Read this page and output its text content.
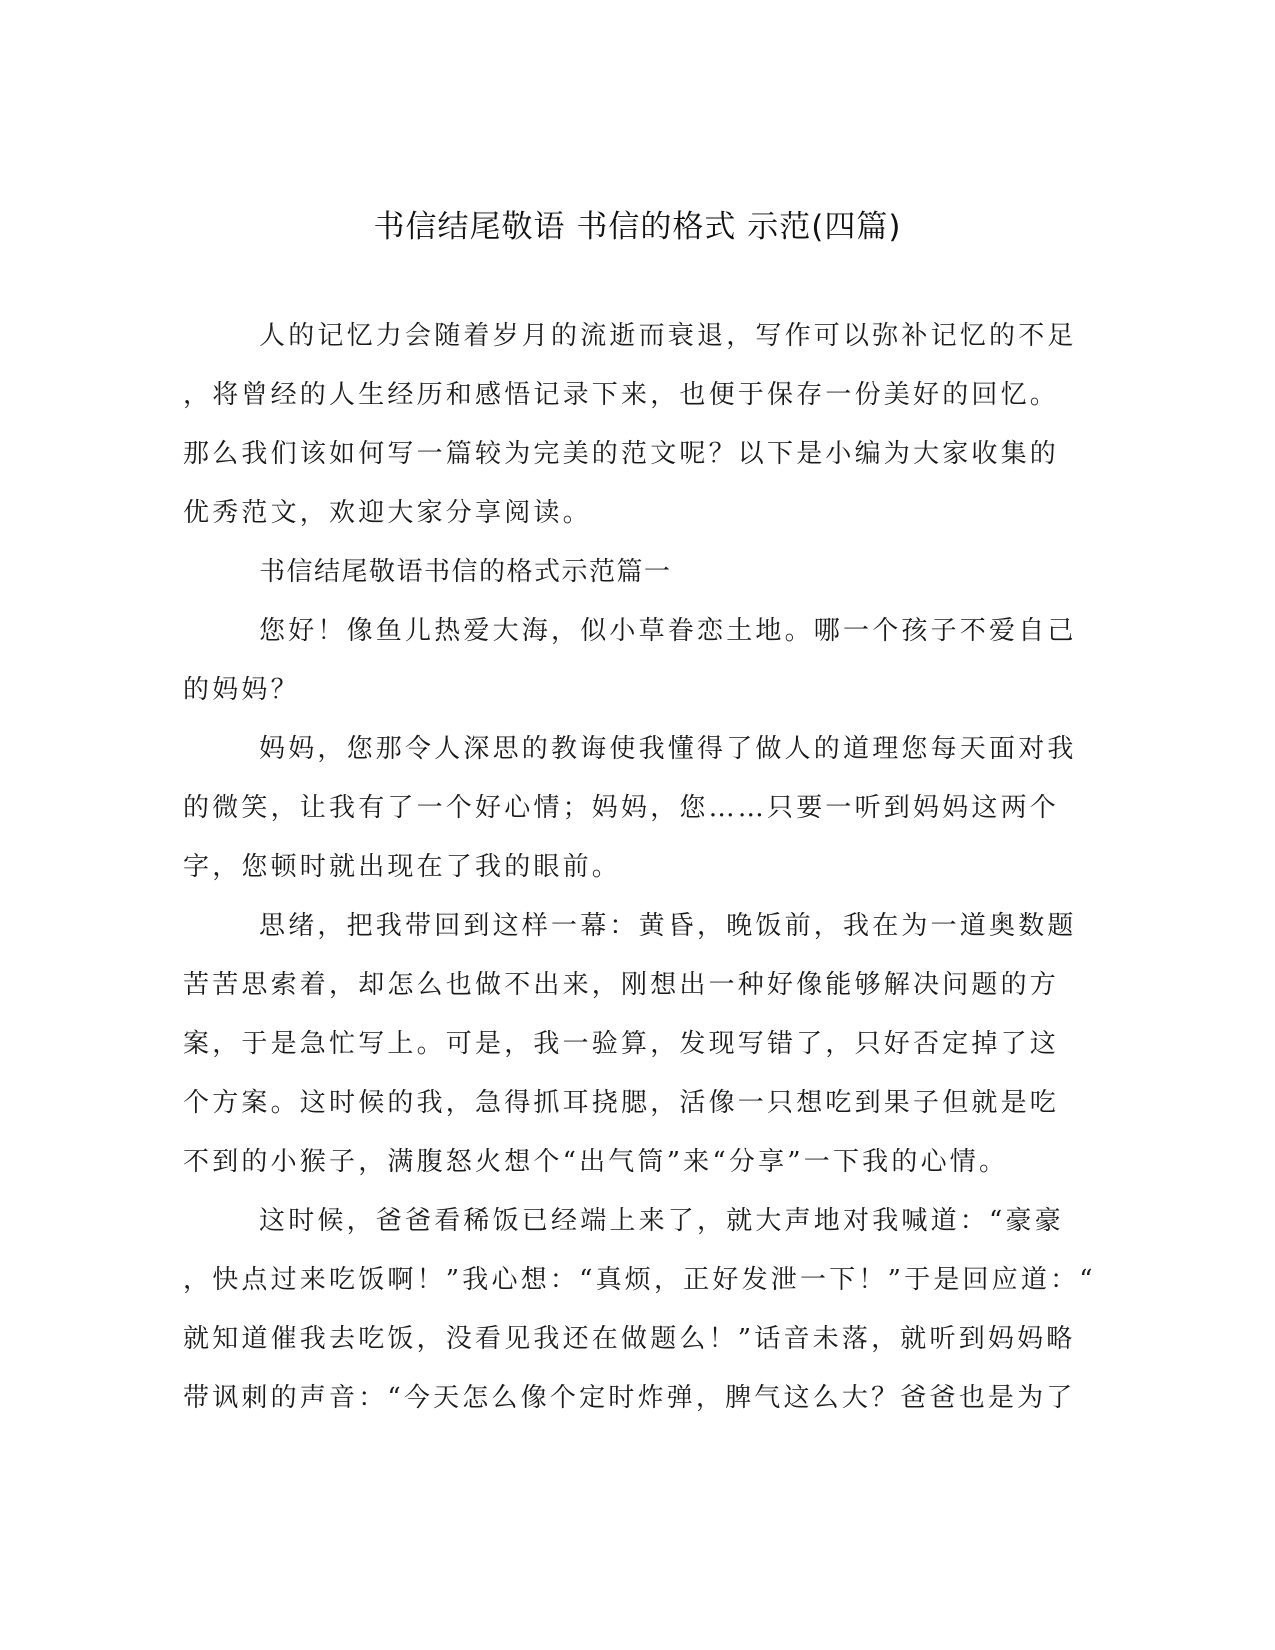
书信结尾敬语 书信的格式 示范(四篇)
人的记忆力会随着岁月的流逝而衰退，写作可以弥补记忆的不足
，将曾经的人生经历和感悟记录下来，也便于保存一份美好的回忆。
那么我们该如何写一篇较为完美的范文呢？以下是小编为大家收集的
优秀范文，欢迎大家分享阅读。
书信结尾敬语书信的格式示范篇一
您好！像鱼儿热爱大海，似小草眷恋土地。哪一个孩子不爱自己
的妈妈？
妈妈，您那令人深思的教诲使我懂得了做人的道理您每天面对我
的微笑，让我有了一个好心情；妈妈，您……只要一听到妈妈这两个
字，您顿时就出现在了我的眼前。
思绪，把我带回到这样一幕：黄昏，晚饭前，我在为一道奥数题
苦苦思索着，却怎么也做不出来，刚想出一种好像能够解决问题的方
案，于是急忙写上。可是，我一验算，发现写错了，只好否定掉了这
个方案。这时候的我，急得抓耳挠腮，活像一只想吃到果子但就是吃
不到的小猴子，满腹怒火想个“出气筒”来“分享”一下我的心情。
这时候，爸爸看稀饭已经端上来了，就大声地对我喊道：“豪豪
，快点过来吃饭啊！”我心想：“真烦，正好发泄一下！”于是回应道：“
就知道催我去吃饭，没看见我还在做题么！”话音未落，就听到妈妈略
带讽刺的声音：“今天怎么像个定时炸弹，脾气这么大？爸爸也是为了
